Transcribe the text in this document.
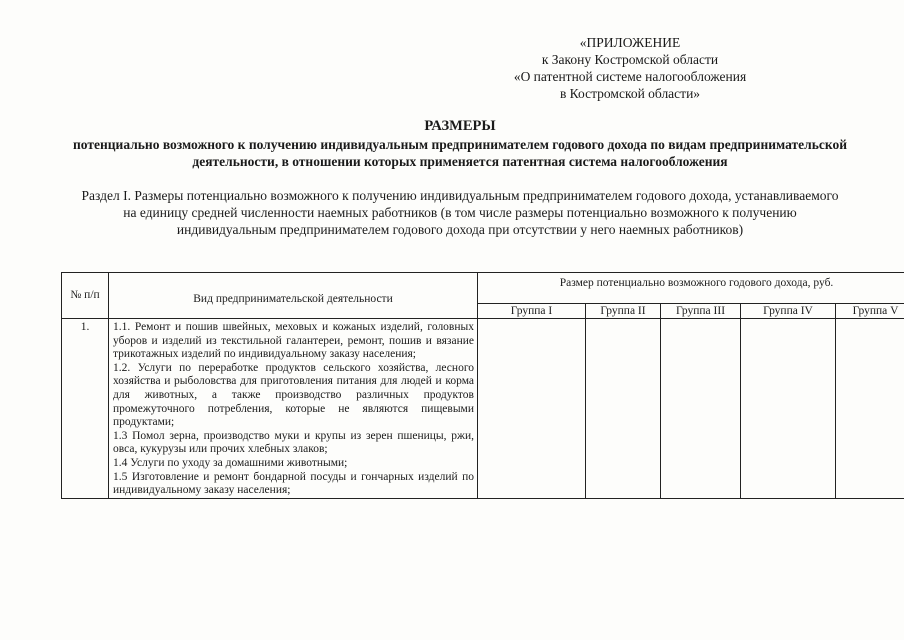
«ПРИЛОЖЕНИЕ
к Закону Костромской области
«О патентной системе налогообложения
в Костромской области»
РАЗМЕРЫ
потенциально возможного к получению индивидуальным предпринимателем годового дохода по видам предпринимательской деятельности, в отношении которых применяется патентная система налогообложения
Раздел I. Размеры потенциально возможного к получению индивидуальным предпринимателем годового дохода, устанавливаемого на единицу средней численности наемных работников (в том числе размеры потенциально возможного к получению индивидуальным предпринимателем годового дохода при отсутствии у него наемных работников)
№ п/п	Вид предпринимательской деятельности	Размер потенциально возможного годового дохода, руб.				
		Группа I	Группа II	Группа III	Группа IV	Группа V
1.	1.1. Ремонт и пошив швейных, меховых и кожаных изделий, головных уборов и изделий из текстильной галантереи, ремонт, пошив и вязание трикотажных изделий по индивидуальному заказу населения;

1.2. Услуги по переработке продуктов сельского хозяйства, лесного хозяйства и рыболовства для приготовления питания для людей и корма для животных, а также производство различных продуктов промежуточного потребления, которые не являются пищевыми продуктами;

1.3 Помол зерна, производство муки и крупы из зерен пшеницы, ржи, овса, кукурузы или прочих хлебных злаков;

1.4 Услуги по уходу за домашними животными;

1.5 Изготовление и ремонт бондарной посуды и гончарных изделий по индивидуальному заказу населения;					
